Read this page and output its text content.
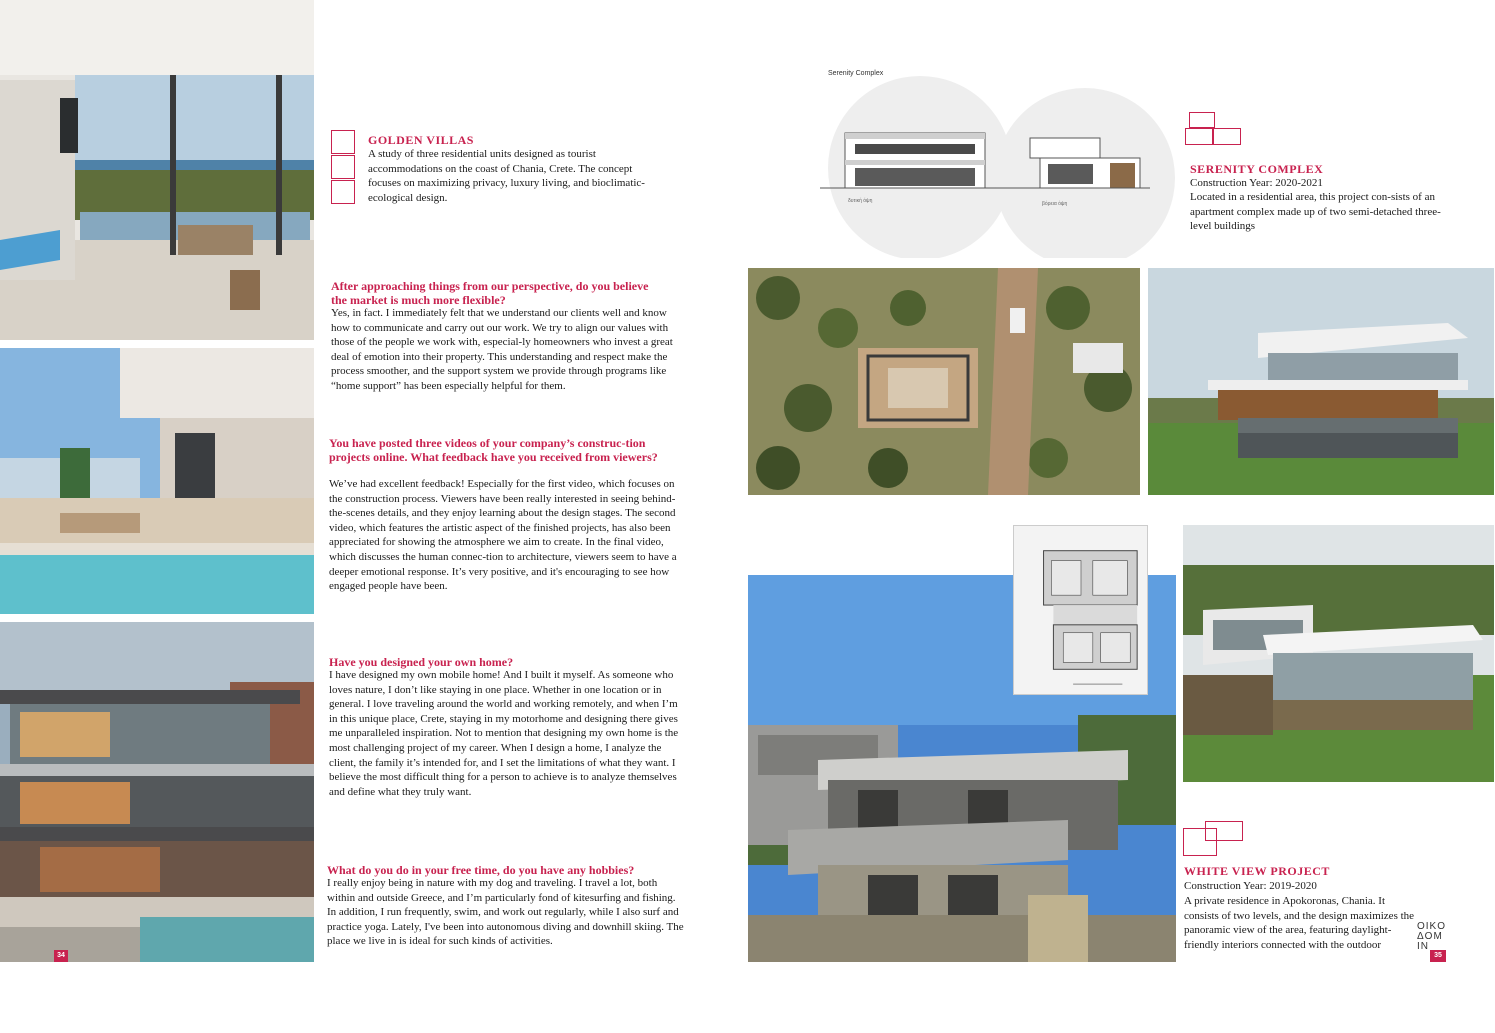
34
GOLDEN VILLAS

A study of three residential units designed as tourist accommodations on the coast of Chania, Crete. The concept focuses on maximizing privacy, luxury living, and bioclimatic-ecological design.

After approaching things from our perspective, do you believe the market is much more flexible?

Yes, in fact. I immediately felt that we understand our clients well and know how to communicate and carry out our work. We try to align our values with those of the people we work with, especial-ly homeowners who invest a great deal of emotion into their property. This understanding and respect make the process smoother, and the support system we provide through programs like “home support” has been especially helpful for them.

You have posted three videos of your company’s construc-tion projects online. What feedback have you received from viewers?

We’ve had excellent feedback! Especially for the first video, which focuses on the construction process. Viewers have been really interested in seeing behind-the-scenes details, and they enjoy learning about the design stages. The second video, which features the artistic aspect of the finished projects, has also been appreciated for showing the atmosphere we aim to create. In the final video, which discusses the human connec-tion to architecture, viewers seem to have a deeper emotional response. It’s very positive, and it's encouraging to see how engaged people have been.

Have you designed your own home?

I have designed my own mobile home! And I built it myself. As someone who loves nature, I don’t like staying in one place. Whether in one location or in general. I love traveling around the world and working remotely, and when I’m in this unique place, Crete, staying in my motorhome and designing there gives me unparalleled inspiration. Not to mention that designing my own home is the most challenging project of my career. When I design a home, I analyze the client, the family it’s intended for, and I set the limitations of what they want. I believe the most difficult thing for a person to achieve is to analyze themselves and define what they truly want.

What do you do in your free time, do you have any hobbies?

I really enjoy being in nature with my dog and traveling. I travel a lot, both within and outside Greece, and I’m particularly fond of kitesurfing and fishing. In addition, I run frequently, swim, and work out regularly, while I also surf and practice yoga. Lately, I've been into autonomous diving and downhill skiing. The place we live in is ideal for such kinds of activities.

Serenity Complex
δυτική όψη	βόρεια όψη
SERENITY COMPLEX

Construction Year: 2020-2021

Located in a residential area, this project con-sists of an apartment complex made up of two semi-detached three-level buildings

WHITE VIEW PROJECT

Construction Year: 2019-2020

A private residence in Apokoronas, Chania. It consists of two levels, and the design maximizes the panoramic view of the area, featuring daylight-friendly interiors connected with the outdoor

OIKO
ΔOM
IN
35
